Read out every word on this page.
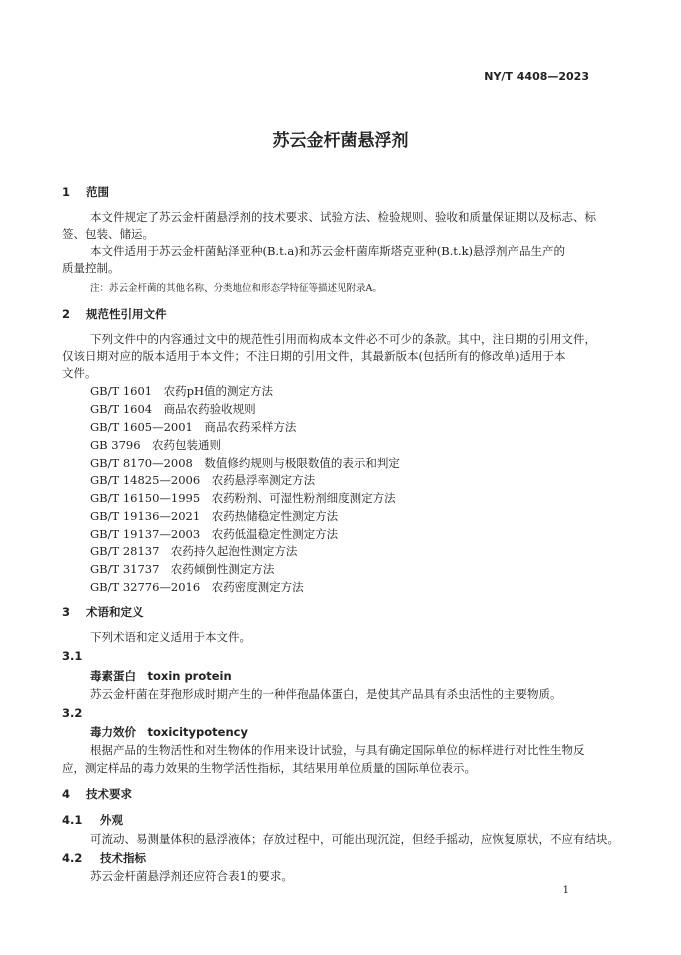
NY/T 4408—2023
苏云金杆菌悬浮剂
1 范围
本文件规定了苏云金杆菌悬浮剂的技术要求、试验方法、检验规则、验收和质量保证期以及标志、标
签、包装、储运。
本文件适用于苏云金杆菌鲇泽亚种(B.t.a)和苏云金杆菌库斯塔克亚种(B.t.k)悬浮剂产品生产的
质量控制。
注：苏云金杆菌的其他名称、分类地位和形态学特征等描述见附录A。
2 规范性引用文件
下列文件中的内容通过文中的规范性引用而构成本文件必不可少的条款。其中，注日期的引用文件，
仅该日期对应的版本适用于本文件；不注日期的引用文件，其最新版本(包括所有的修改单)适用于本
文件。
GB/T 1601　农药pH值的测定方法
GB/T 1604　商品农药验收规则
GB/T 1605—2001　商品农药采样方法
GB 3796　农药包装通则
GB/T 8170—2008　数值修约规则与极限数值的表示和判定
GB/T 14825—2006　农药悬浮率测定方法
GB/T 16150—1995　农药粉剂、可湿性粉剂细度测定方法
GB/T 19136—2021　农药热储稳定性测定方法
GB/T 19137—2003　农药低温稳定性测定方法
GB/T 28137　农药持久起泡性测定方法
GB/T 31737　农药倾倒性测定方法
GB/T 32776—2016　农药密度测定方法
3 术语和定义
下列术语和定义适用于本文件。
3.1
毒素蛋白　toxin protein
苏云金杆菌在芽孢形成时期产生的一种伴孢晶体蛋白，是使其产品具有杀虫活性的主要物质。
3.2
毒力效价　toxicitypotency
根据产品的生物活性和对生物体的作用来设计试验，与具有确定国际单位的标样进行对比性生物反
应，测定样品的毒力效果的生物学活性指标，其结果用单位质量的国际单位表示。
4 技术要求
4.1 外观
可流动、易测量体积的悬浮液体；存放过程中，可能出现沉淀，但经手摇动，应恢复原状，不应有结块。
4.2 技术指标
苏云金杆菌悬浮剂还应符合表1的要求。
1
